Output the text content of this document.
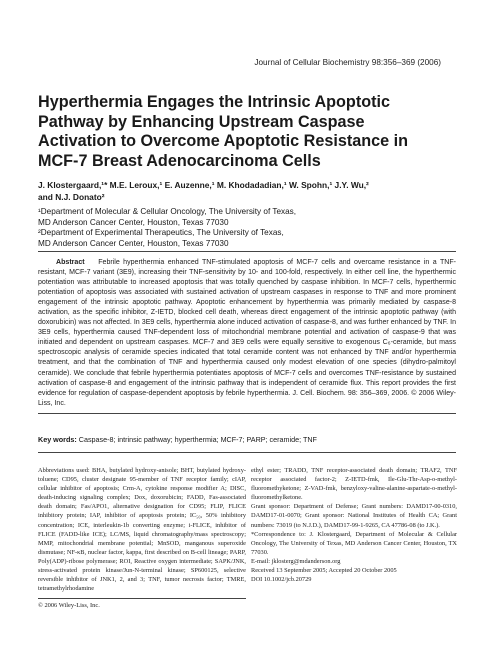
Journal of Cellular Biochemistry 98:356–369 (2006)
Hyperthermia Engages the Intrinsic Apoptotic
Pathway by Enhancing Upstream Caspase
Activation to Overcome Apoptotic Resistance in
MCF-7 Breast Adenocarcinoma Cells
J. Klostergaard,¹* M.E. Leroux,¹ E. Auzenne,¹ M. Khodadadian,¹ W. Spohn,¹ J.Y. Wu,²
and N.J. Donato²
¹Department of Molecular & Cellular Oncology, The University of Texas,
MD Anderson Cancer Center, Houston, Texas 77030
²Department of Experimental Therapeutics, The University of Texas,
MD Anderson Cancer Center, Houston, Texas 77030

Abstract Febrile hyperthermia enhanced TNF-stimulated apoptosis of MCF-7 cells and overcame resistance in a TNF-resistant, MCF-7 variant (3E9), increasing their TNF-sensitivity by 10- and 100-fold, respectively. In either cell line, the hyperthermic potentiation was attributable to increased apoptosis that was totally quenched by caspase inhibition. In MCF-7 cells, hyperthermic potentiation of apoptosis was associated with sustained activation of upstream caspases in response to TNF and more prominent engagement of the intrinsic apoptotic pathway. Apoptotic enhancement by hyperthermia was primarily mediated by caspase-8 activation, as the specific inhibitor, Z-IETD, blocked cell death, whereas direct engagement of the intrinsic apoptotic pathway (with doxorubicin) was not affected. In 3E9 cells, hyperthermia alone induced activation of caspase-8, and was further enhanced by TNF. In 3E9 cells, hyperthermia caused TNF-dependent loss of mitochondrial membrane potential and activation of caspase-9 that was initiated and dependent on upstream caspases. MCF-7 and 3E9 cells were equally sensitive to exogenous C₆-ceramide, but mass spectroscopic analysis of ceramide species indicated that total ceramide content was not enhanced by TNF and/or hyperthermia treatment, and that the combination of TNF and hyperthermia caused only modest elevation of one species (dihydro-palmitoyl ceramide). We conclude that febrile hyperthermia potentiates apoptosis of MCF-7 cells and overcomes TNF-resistance by sustained activation of caspase-8 and engagement of the intrinsic pathway that is independent of ceramide flux. This report provides the first evidence for regulation of caspase-dependent apoptosis by febrile hyperthermia. J. Cell. Biochem. 98: 356–369, 2006. © 2006 Wiley-Liss, Inc.

Key words: Caspase-8; intrinsic pathway; hyperthermia; MCF-7; PARP; ceramide; TNF
Abbreviations used: BHA, butylated hydroxy-anisole; BHT, butylated hydroxy-toluene; CD95, cluster designate 95-member of TNF receptor family; cIAP, cellular inhibitor of apoptosis; Crm-A, cytokine response modifier A; DISC, death-inducing signaling complex; Dox, doxorubicin; FADD, Fas-associated death domain; Fas/APO1, alternative designation for CD95; FLIP, FLICE inhibitory protein; IAP, inhibitor of apoptosis protein; IC₅₀, 50% inhibitory concentration; ICE, interleukin-1b converting enzyme; i-FLICE, inhibitor of FLICE (FADD-like ICE); LC/MS, liquid chromatography/mass spectroscopy; MMP, mitochondrial membrane potential; MnSOD, manganous superoxide dismutase; NF-κB, nuclear factor, kappa, first described on B-cell lineage; PARP, Poly(ADP)-ribose polymerase; ROI, Reactive oxygen intermediate; SAPK/JNK, stress-activated protein kinase/Jun-N-terminal kinase; SP600125, selective reversible inhibitor of JNK1, 2, and 3; TNF, tumor necrosis factor; TMRE, tetramethylrhodamine
© 2006 Wiley-Liss, Inc.

ethyl ester; TRADD, TNF receptor-associated death domain; TRAF2, TNF receptor associated factor-2; Z-IETD-fmk, Ile-Glu-Thr-Asp-o-methyl-fluoromethyketone; Z-VAD-fmk, benzyloxy-valine-alanine-aspartate-o-methyl-fluoromethylketone.

Grant sponsor: Department of Defense; Grant numbers: DAMD17-00-0310, DAMD17-01-0070; Grant sponsor: National Institutes of Health CA; Grant numbers: 73019 (to N.J.D.), DAMD17-99-1-9265, CA 47786-08 (to J.K.).

*Correspondence to: J. Klostergaard, Department of Molecular & Cellular Oncology, The University of Texas, MD Anderson Cancer Center, Houston, TX 77030.

E-mail: jklosterg@mdanderson.org

Received 13 September 2005; Accepted 20 October 2005

DOI 10.1002/jcb.20729
